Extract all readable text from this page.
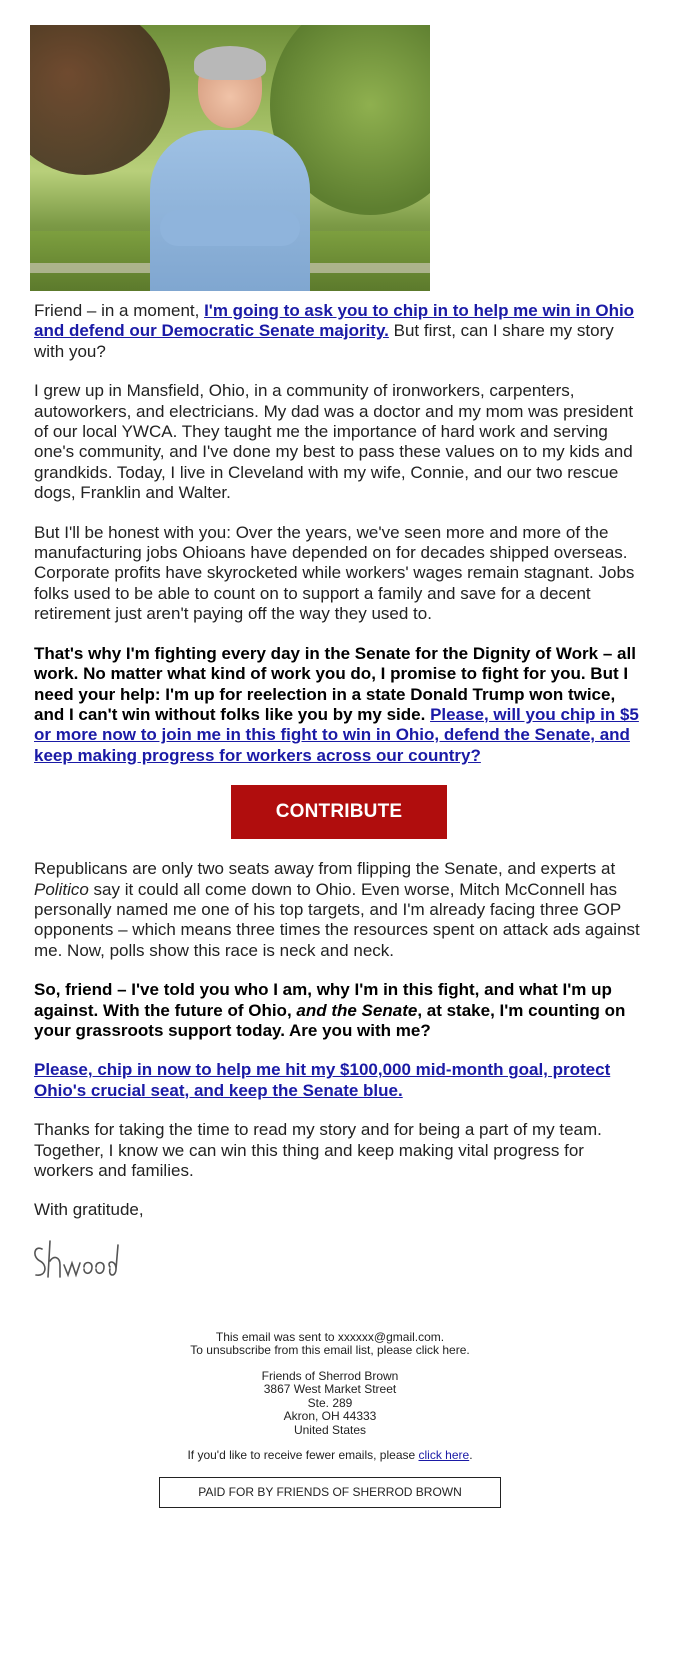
Friend – in a moment, I'm going to ask you to chip in to help me win in Ohio and defend our Democratic Senate majority. But first, can I share my story with you?

I grew up in Mansfield, Ohio, in a community of ironworkers, carpenters, autoworkers, and electricians. My dad was a doctor and my mom was president of our local YWCA. They taught me the importance of hard work and serving one's community, and I've done my best to pass these values on to my kids and grandkids. Today, I live in Cleveland with my wife, Connie, and our two rescue dogs, Franklin and Walter.

But I'll be honest with you: Over the years, we've seen more and more of the manufacturing jobs Ohioans have depended on for decades shipped overseas. Corporate profits have skyrocketed while workers' wages remain stagnant. Jobs folks used to be able to count on to support a family and save for a decent retirement just aren't paying off the way they used to.

That's why I'm fighting every day in the Senate for the Dignity of Work – all work. No matter what kind of work you do, I promise to fight for you. But I need your help: I'm up for reelection in a state Donald Trump won twice, and I can't win without folks like you by my side. Please, will you chip in $5 or more now to join me in this fight to win in Ohio, defend the Senate, and keep making progress for workers across our country?

CONTRIBUTE

Republicans are only two seats away from flipping the Senate, and experts at Politico say it could all come down to Ohio. Even worse, Mitch McConnell has personally named me one of his top targets, and I'm already facing three GOP opponents – which means three times the resources spent on attack ads against me. Now, polls show this race is neck and neck.

So, friend – I've told you who I am, why I'm in this fight, and what I'm up against. With the future of Ohio, and the Senate, at stake, I'm counting on your grassroots support today. Are you with me?

Please, chip in now to help me hit my $100,000 mid-month goal, protect Ohio's crucial seat, and keep the Senate blue.

Thanks for taking the time to read my story and for being a part of my team. Together, I know we can win this thing and keep making vital progress for workers and families.

With gratitude,

This email was sent to xxxxxx@gmail.com.
To unsubscribe from this email list, please click here.

Friends of Sherrod Brown
3867 West Market Street
Ste. 289
Akron, OH 44333
United States

If you'd like to receive fewer emails, please click here.

PAID FOR BY FRIENDS OF SHERROD BROWN
